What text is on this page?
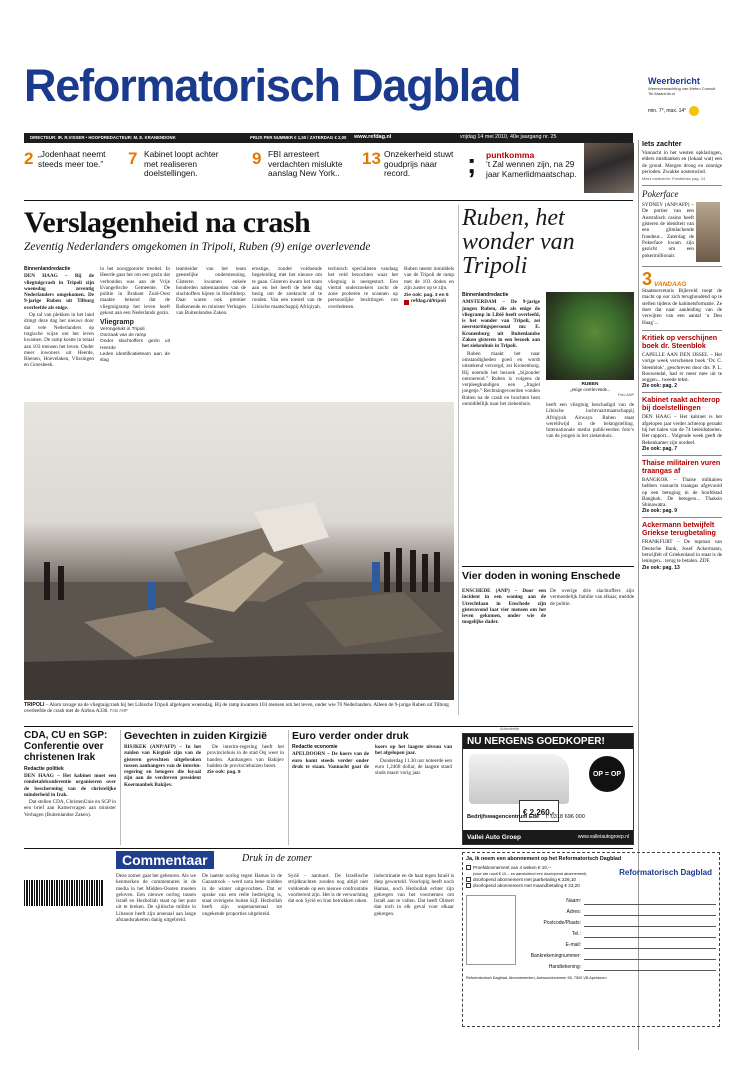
Reformatorisch Dagblad	Weerbericht
Weersverwachting van Meteo Consult Tel-Maaninfo.nl
min. 7°, max. 14°
DIRECTEUR: IR. R.VISSER • HOOFDREDACTEUR: M. E. KRANENDONK	PRIJS PER NUMMER € 1,50 / ZATERDAG € 2,00 www.refdag.nl	vrijdag 14 mei 2010, 40e jaargang nr. 25
2 „Jodenhaat neemt steeds meer toe.”	7 Kabinet loopt achter met realiseren doelstellingen.
9 FBI arresteert verdachten mislukte aanslag New York..
13 Onzekerheid stuwt goudprijs naar record.	; puntkomma
‘t Zal wennen zijn, na 29 jaar Kamerlidmaatschap.
Iets zachter
Vannacht in het westen opklaringen, elders mistbanken en (lokaal wat) een de grond. Morgen droog en zonnige perioden. Zwakke oostenwind.
Meer meteoinfo: Pointeinke pag. 14
Pokerface
SYDNEY (ANP/AFP) – De portier van een Australisch casino heeft gisteren de identiteit van een glimlachende fraudeur... Zaterdag de Pokerface kwam zijn gezicht om een pokermillionair.
3 VANDAAG
Staatssecretaris Bijleveld roept de macht op oor zich terughoudend op te stellen tijdens de kabinetsformatie. Ze doet dat naar aanleiding van de verwijten van een aantal ‘a Den Haag’...
Kritiek op verschijnen boek dr. Steenblok
CAPELLE AAN DEN IJSSEL – Het vorige week verschenen boek ‘Dr. C. Steenblok’, geschreven door drs. P. L. Rouwendal, had er meer mee uit te zeggen... tweede tekst.
Zie ook: pag. 2
Kabinet raakt achterop bij doelstellingen
DEN HAAG – Het kabinet is het afgelopen jaar verder achterop geraakt bij het halen van de 74 beleidsdoelen. Het rapport... Volgende week geeft de Rekenkamer zijn oordeel.
Zie ook: pag. 7
Thaise militairen vuren traangas af
BANGKOK – Thaise militairen hebben vannacht traangas afgevuurd op een betoging in de hoofdstad Bangkok. De betogers... Thaksin Shinawatra.
Zie ook: pag. 9
Ackermann betwijfelt Griekse terugbetaling
FRANKFURT – De topman van Deutsche Bank, Josef Ackermann, betwijfelt of Griekenland in staat is de leningen... terug te betalen. ZDF.
Zie ook: pag. 13
Verslagenheid na crash
Zeventig Nederlanders omgekomen in Tripoli, Ruben (9) enige overlevende
Binnenlandredactie

DEN HAAG – Bij de vliegtuigcrash in Tripoli zijn woensdag zeventig Nederlanders omgekomen. De 9-jarige Ruben uit Tilburg overleefde als enige.

Op tal van plekken in het land dringt deze dag het nieuws door dat vele Nederlanders op tragische wijze om het leven kwamen. De ramp kostte in totaal aan 103 mensen het leven. Onder meer inwoners uit Heerde, Rhenen, Hoevelaken, Vlissingen en Groesbeek.

in het noorgpotorte treeltel. In Heerde gaat het om een gezin dat verbonden was aan de Vrije Evangelische Gemeente. De politie in Brabant Zuid-Oost maakte bekend dat de vliegtuigramp het leven heeft gekost aan een Nederlands gezin.

Vliegramp
Verongelukt in Tripoli
Oorzaak van de ramp
Onder slachtoffers gezin uit Heerde
Leden identificatieteam aan de slag

teamleider van het team geestelijke ondersteuning. Gisteren kwamen enkele honderden nabestaanden van de slachtoffers bijeen in Hoofddorp. Daar waren ook premier Balkenende en minister Verhagen van Buitenlandse Zaken.

ernstige, zonder voldoende begeleiding met het nieuwe om te gaan. Gisteren kwam het team aan en het heeft de hele dag bezig om de zoektocht af te ronden. Van een toestel van de Libische maatschappij Afriqiyah.

technisch specialisten vandaag het veld bezochten waar het vliegtuig is neergestort. Een viertal onderzoekers zocht de zone proberen te scannen op persoonlijke bezittingen van overledenen.

Ruben neemt inmiddels van de Tripoli de ramp met de 103 doden en zijn zuster op te zijn.

Zie ook: pag. 3 en 5
refdag.nl/tripoli
TRIPOLI – Alom ravage na de vliegtuigcrash bij het Libische Tripoli afgelopen woensdag. Bij de ramp kwamen 103 mensen om het leven, onder wie 70 Nederlanders. Alleen de 9-jarige Ruben uit Tilburg overleefde de crash met de Airbus A330. Foto ANP
Ruben, het wonder van Tripoli
Binnenlandredactie

AMSTERDAM – De 9-jarige jongen Ruben, die als enige de vliegramp in Libië heeft overleefd, is het wonder van Tripoli, zei neerstortingspersonal mr. E. Kronenburg uit Buitenlandse Zaken gisteren in een bezoek aan het ziekenhuis in Tripoli.

Ruben maakt het naar omstandigheden goed en wordt uitstekend verzorgd, zei Kronenburg. Hij noemde het bezoek „bijzonder ontroerend.” Ruben is volgens de verpleegkundigen een „fragiel jongetje.” Rechtsingevoerden vonden Ruben na de crash en brachten hem onmiddellijk naar het ziekenhuis.

RUBEN
„enige overlevende...
Foto ANP

heeft een vliegtuig beschadigd van de Libische luchtvaartmaatschappij Afriqiyah Airways. Ruben staat wereldwijd in de belangstelling. Internationale media publiceerden foto’s van de jongen in het ziekenhuis.

Vier doden in woning Enschede

ENSCHEDE (ANP) – Door een incident in een woning aan de Utrechtlaan in Enschede zijn gisteravond laat vier mensen om het leven gekomen, onder wie de mogelijke dader.

De overige drie slachtoffers zijn vermoedelijk familie van elkaar, meldde de politie.

CDA, CU en SGP: Conferentie over christenen Irak
Redactie politiek

DEN HAAG – Het kabinet moet een rondetafelconferentie organiseren over de bescherming van de christelijke minderheid in Irak.

Dat stellen CDA, ChristenUnie en SGP in een brief aan Kamervragen aan minister Verhagen (Buitenlandse Zaken).

Gevechten in zuiden Kirgizië

BISJKEK (ANP/AFP) – In het zuiden van Kirgizië zijn van de gisteren gevechten uitgebroken tussen aanhangers van de interim-regering en betogers die loyaal zijn aan de verdreven president Koermanbek Bakijev.

De interim-regering heeft het provinciehuis in de stad Osj weer in handen. Aanhangers van Bakijev hadden de provinciehuizen bezet.

Zie ook: pag. 9
Euro verder onder druk
Redactie economie

APELDOORN – De koers van de euro komt steeds verder onder druk te staan. Vannacht gaat de koers op het laagste niveau van het afgelopen jaar.

Donderdag 11.30 uur noteerde een euro 1,2468 dollar, de laagste stand sinds maart vorig jaar.

Advertentie
NU NERGENS GOEDKOPER!
OP = OP
€ 2.260,-
Bedrijfswagencentrum Ede T: 0318 696 000
Valleì Auto Groep	www.valleiautogroep.nl
Commentaar	Druk in de zomer

Deze zomer gaat het gebeuren. Als we kenmerken de commentaren in de media in het Midden-Oosten moeten geloven. Een nieuwe oorlog tussen Israël en Hezbollah staat op het punt uit te breken. De sjiitische militie in Libanon heeft zijn arsenaal aan lange afstandsraketten danig uitgebreid.

De laatste oorlog tegen Hamas in de Gazastrook – werd nota bene midden in de winter uitgevochten. Dat er sprake van een reële bedreiging is, staat overigens buiten kijf. Hezbollah heeft zijn wapenarsenaal tot ongekende proporties uitgebreid.

Syrië – aantuurt. De Israëlische strijdkrachten zouden nog altijd niet voldoende op een nieuwe confrontatie voorbereid zijn. Het is de verwachting dat ook Syrië en Iran betrokken raken.

indoctrinatie en de haat tegen Israël is diep geworteld. Voorlopig heeft noch Hamas, noch Hezbollah echter zijn gekregen van het voornemen om Israël aan te vallen. Dat heeft Olmert dan toch in elk geval voor elkaar gekregen.

Ja, ik neem een abonnement op het Reformatorisch Dagblad
Proefabonnement van 4 weken € 10,--
(voor wie nooit € 10,-- en aansluitend een doorlopend abonnement)
doorlopend abonnement met jaarbetaling € 226,10
doorlopend abonnement met maandbetaling € 23,20
Reformatorisch Dagblad
Naam:
Adres:
Postcode/Plaats:
Tel.:
E-mail:
Bankrekeningnummer:
Handtekening:
Reformatorisch Dagblad, Abonnementen, Antwoordnummer 55, 7500 VB Apeldoorn
